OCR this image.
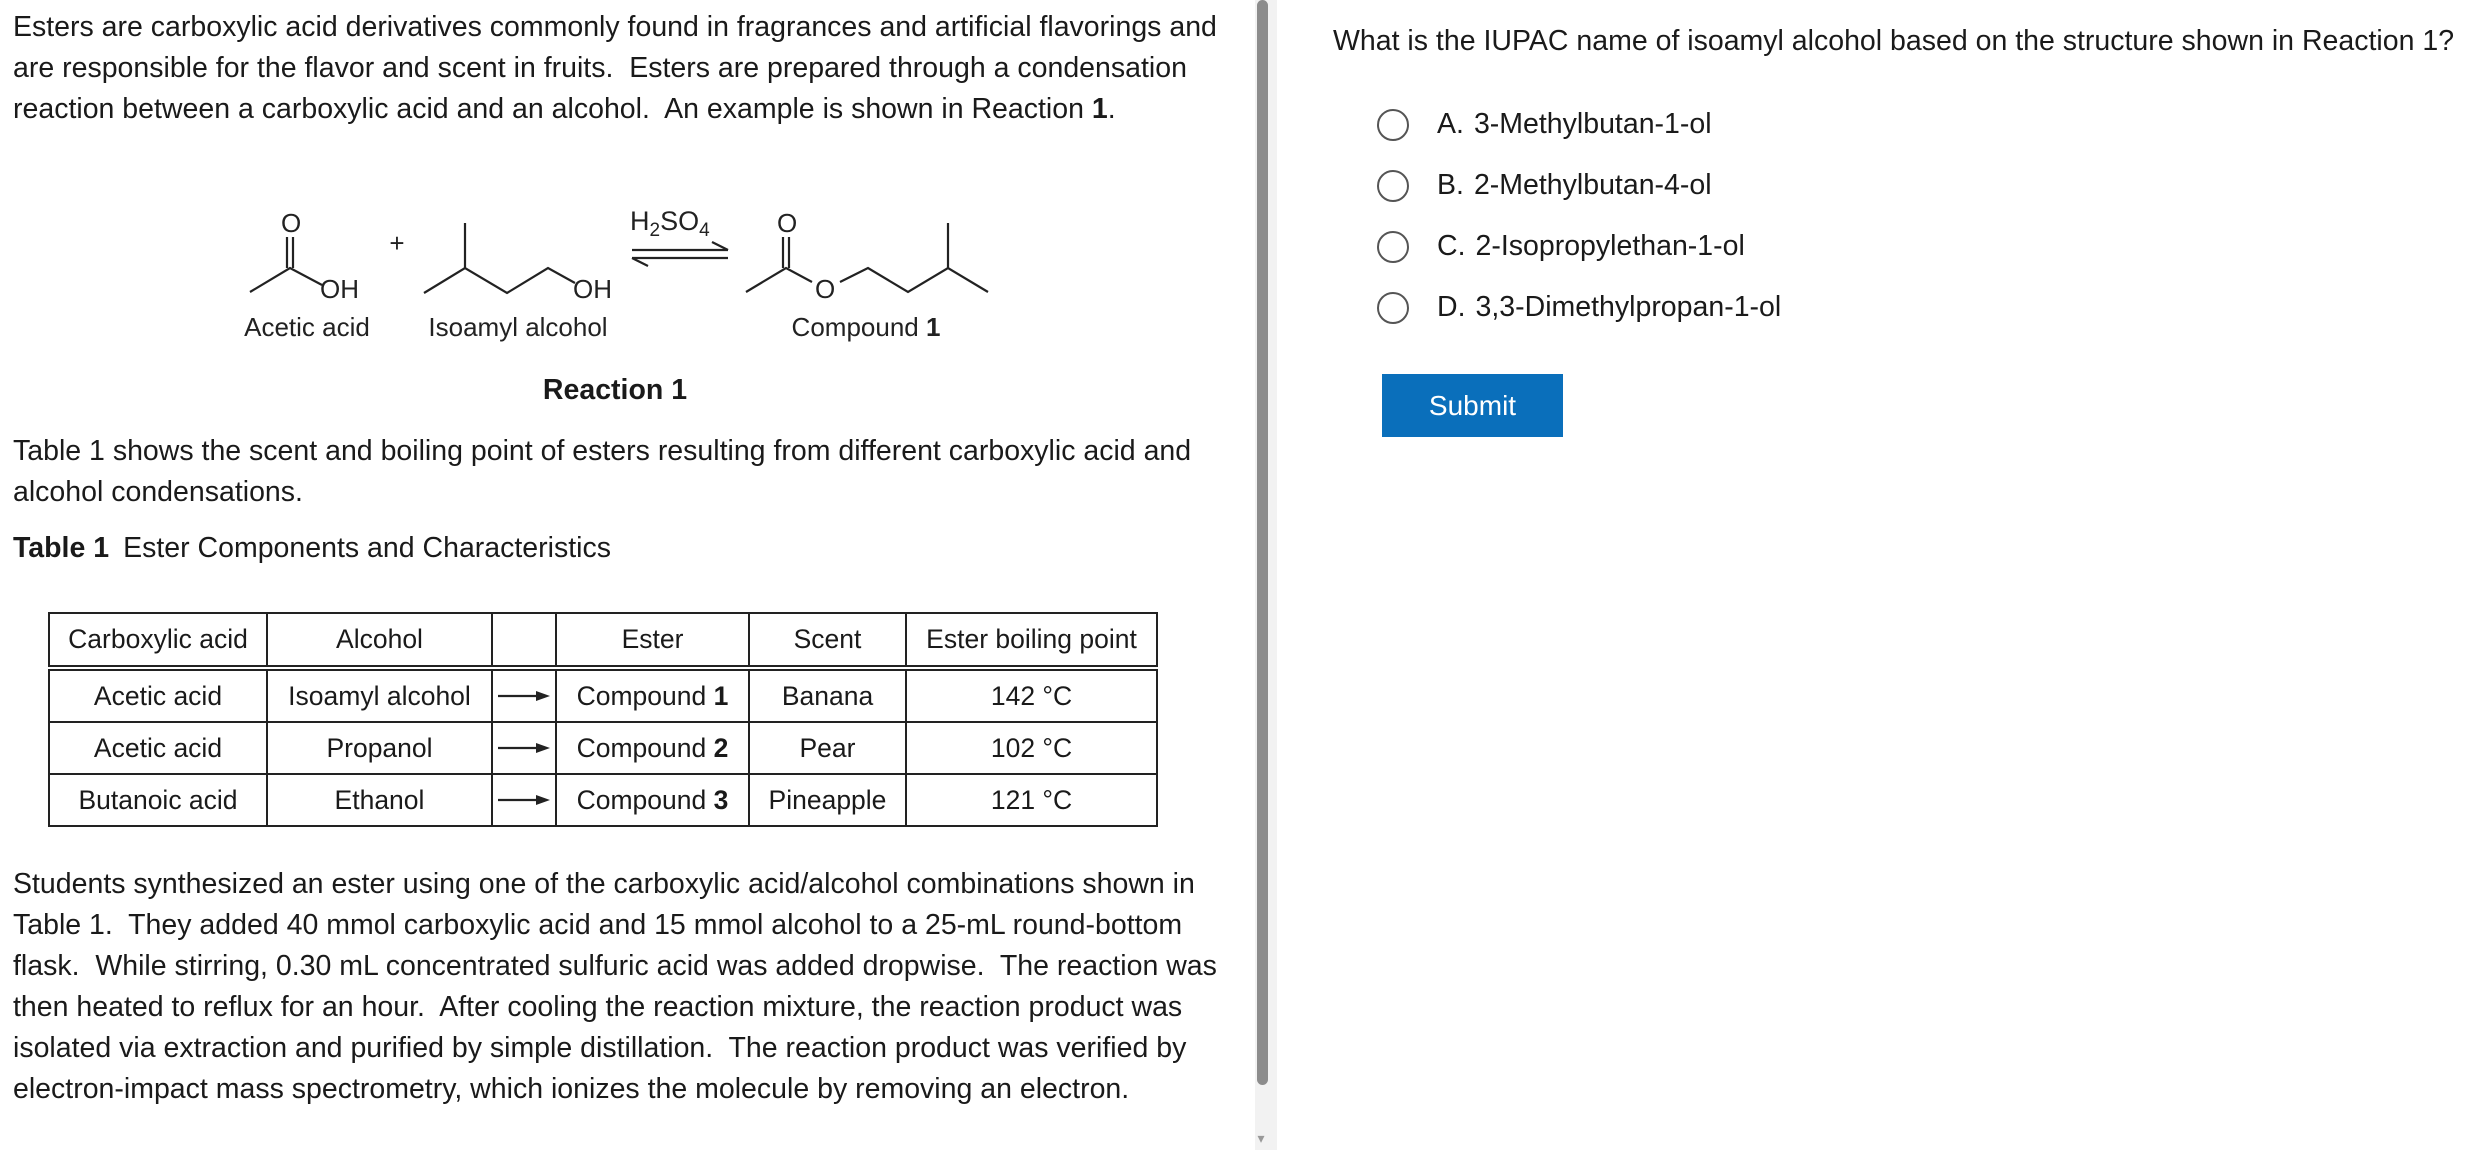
Esters are carboxylic acid derivatives commonly found in fragrances and artificial flavorings and are responsible for the flavor and scent in fruits.  Esters are prepared through a condensation reaction between a carboxylic acid and an alcohol.  An example is shown in Reaction 1.

O
OH
Acetic acid
+
OH
Isoamyl alcohol
$H_2SO_4$	O
O
Compound 1
Reaction 1

Table 1 shows the scent and boiling point of esters resulting from different carboxylic acid and alcohol condensations.

Table 1 Ester Components and Characteristics
Carboxylic acid	Alcohol		Ester	Scent	Ester boiling point
Acetic acid	Isoamyl alcohol		Compound 1	Banana	142 °C
Acetic acid	Propanol		Compound 2	Pear	102 °C
Butanoic acid	Ethanol		Compound 3	Pineapple	121 °C

Students synthesized an ester using one of the carboxylic acid/alcohol combinations shown in Table 1.  They added 40 mmol carboxylic acid and 15 mmol alcohol to a 25-mL round-bottom flask.  While stirring, 0.30 mL concentrated sulfuric acid was added dropwise.  The reaction was then heated to reflux for an hour.  After cooling the reaction mixture, the reaction product was isolated via extraction and purified by simple distillation.  The reaction product was verified by electron-impact mass spectrometry, which ionizes the molecule by removing an electron.

▾

What is the IUPAC name of isoamyl alcohol based on the structure shown in Reaction 1?

A. 3-Methylbutan-1-ol
B. 2-Methylbutan-4-ol
C. 2-Isopropylethan-1-ol
D. 3,3-Dimethylpropan-1-ol
Submit
